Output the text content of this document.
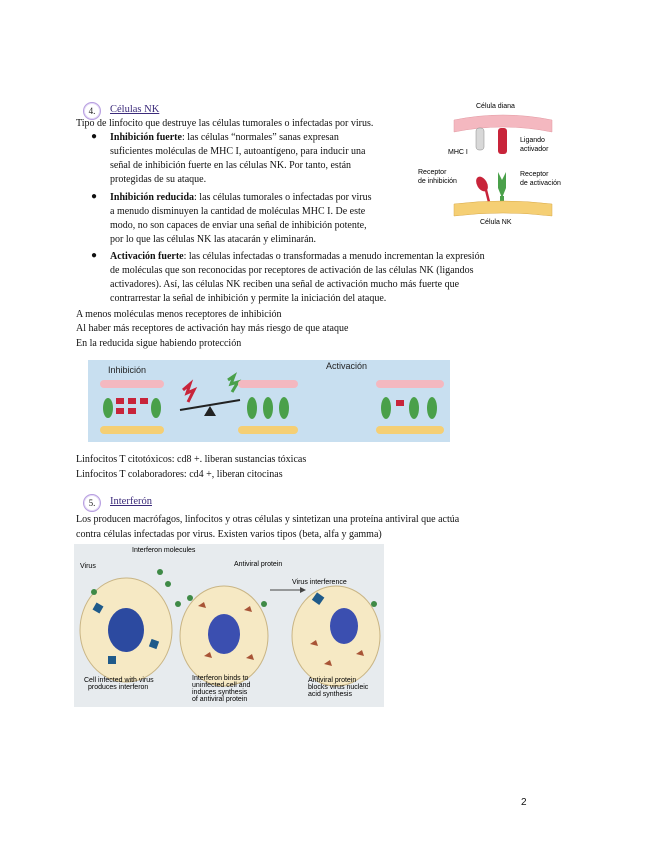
4.	Células NK
Tipo de linfocito que destruye las células tumorales o infectadas por virus.
● Inhibición fuerte: las células “normales” sanas expresan
suficientes moléculas de MHC I, autoantígeno, para inducir una
señal de inhibición fuerte en las células NK. Por tanto, están
protegidas de su ataque.
● Inhibición reducida: las células tumorales o infectadas por virus
a menudo disminuyen la cantidad de moléculas MHC I. De este
modo, no son capaces de enviar una señal de inhibición potente,
por lo que las células NK las atacarán y eliminarán.
● Activación fuerte: las células infectadas o transformadas a menudo incrementan la expresión
de moléculas que son reconocidas por receptores de activación de las células NK (ligandos
activadores). Así, las células NK reciben una señal de activación mucho más fuerte que
contrarrestar la señal de inhibición y permite la iniciación del ataque.
A menos moléculas menos receptores de inhibición
Al haber más receptores de activación hay más riesgo de que ataque
En la reducida sigue habiendo protección
Célula diana
MHC I
Ligando
activador
Receptor
de inhibición
Receptor
de activación
Célula NK
Inhibición	Activación
Linfocitos T citotóxicos: cd8 +. liberan sustancias tóxicas
Linfocitos T colaboradores: cd4 +, liberan citocinas
5.	Interferón
Los producen macrófagos, linfocitos y otras células y sintetizan una proteína antiviral que actúa
contra células infectadas por virus. Existen varios tipos (beta, alfa y gamma)
Virus
Interferon molecules
Antiviral protein
Virus interference
Cell infected with virus
produces interferon
Interferon binds to
uninfected cell and
induces synthesis
of antiviral protein
Antiviral protein
blocks virus nucleic
acid synthesis
2
